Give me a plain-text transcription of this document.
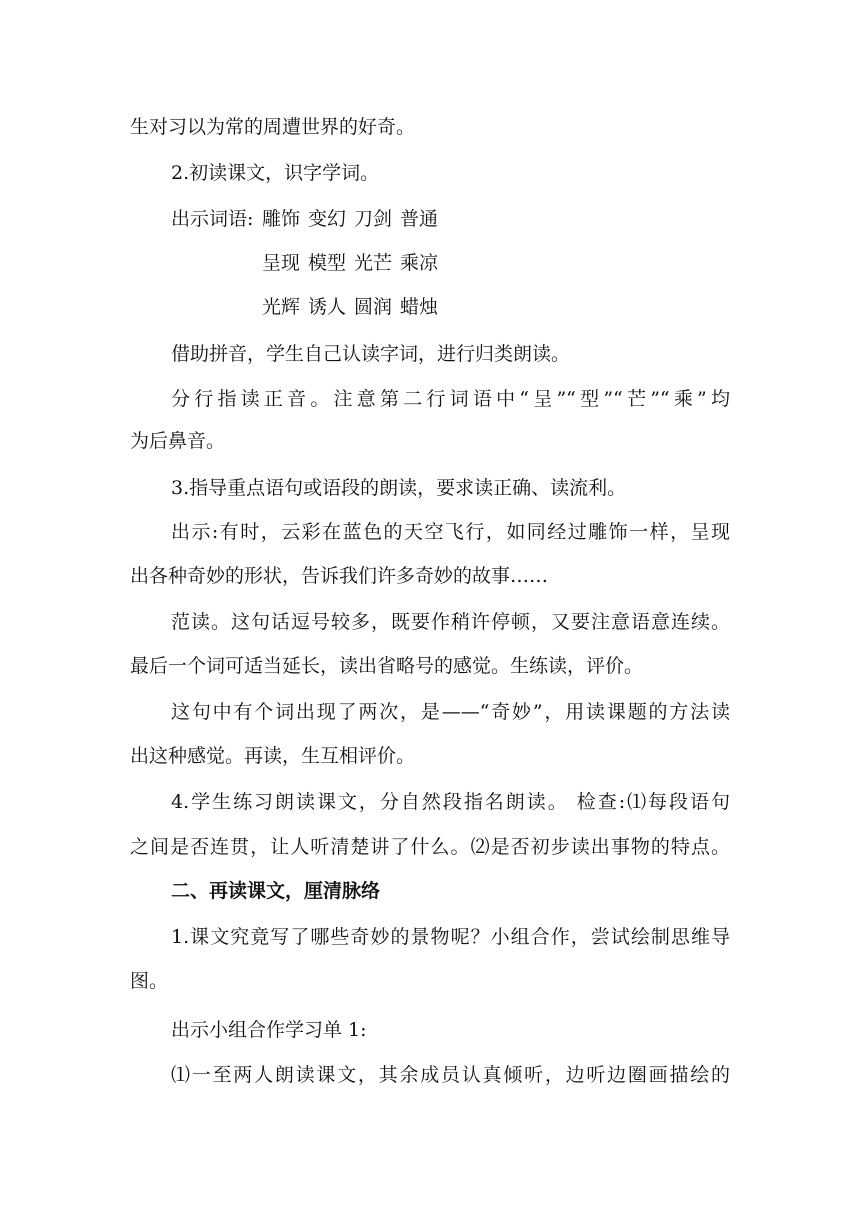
生对习以为常的周遭世界的好奇。
2.初读课文，识字学词。
出示词语: 雕饰 变幻 刀剑 普通
呈现 模型 光芒 乘凉
光辉 诱人 圆润 蜡烛
借助拼音，学生自己认读字词，进行归类朗读。
分行指读正音。注意第二行词语中“呈”“型”“芒”“乘”均
为后鼻音。
3.指导重点语句或语段的朗读，要求读正确、读流利。
出示:有时，云彩在蓝色的天空飞行，如同经过雕饰一样，呈现
出各种奇妙的形状，告诉我们许多奇妙的故事……
范读。这句话逗号较多，既要作稍许停顿，又要注意语意连续。
最后一个词可适当延长，读出省略号的感觉。生练读，评价。
这句中有个词出现了两次，是——“奇妙”，用读课题的方法读
出这种感觉。再读，生互相评价。
4.学生练习朗读课文，分自然段指名朗读。 检查:⑴每段语句
之间是否连贯，让人听清楚讲了什么。⑵是否初步读出事物的特点。
二、再读课文，厘清脉络
1.课文究竟写了哪些奇妙的景物呢？小组合作，尝试绘制思维导
图。
出示小组合作学习单 1:
⑴一至两人朗读课文，其余成员认真倾听，边听边圈画描绘的
